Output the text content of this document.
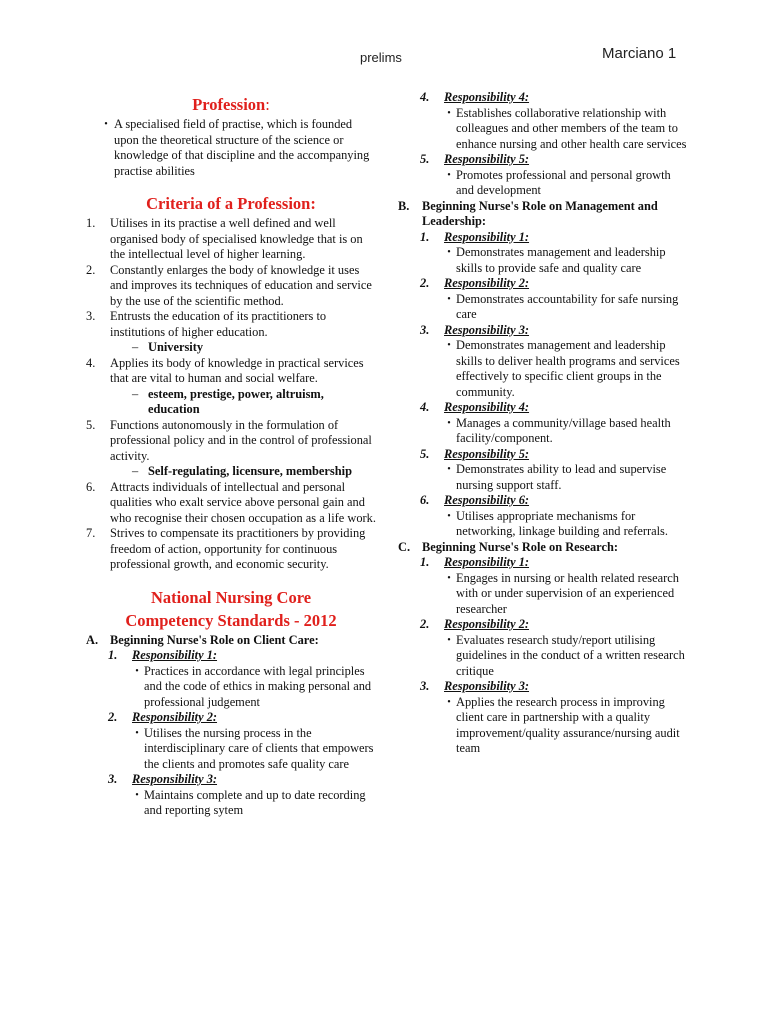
prelims	Marciano 1
Profession:
• A specialised field of practise, which is founded upon the theoretical structure of the science or knowledge of that discipline and the accompanying practise abilities
Criteria of a Profession:
1.	Utilises in its practise a well defined and well organised body of specialised knowledge that is on the intellectual level of higher learning.
2.	Constantly enlarges the body of knowledge it uses and improves its techniques of education and service by the use of the scientific method.
3.	Entrusts the education of its practitioners to institutions of higher education.
– University
4.	Applies its body of knowledge in practical services that are vital to human and social welfare.
– esteem, prestige, power, altruism, education
5.	Functions autonomously in the formulation of professional policy and in the control of professional activity.
– Self-regulating, licensure, membership
6.	Attracts individuals of intellectual and personal qualities who exalt service above personal gain and who recognise their chosen occupation as a life work.
7.	Strives to compensate its practitioners by providing freedom of action, opportunity for continuous professional growth, and economic security.
National Nursing Core
Competency Standards - 2012
A. Beginning Nurse's Role on Client Care:
1.	Responsibility 1:
• Practices in accordance with legal principles and the code of ethics in making personal and professional judgement
2.	Responsibility 2:
• Utilises the nursing process in the interdisciplinary care of clients that empowers the clients and promotes safe quality care
3.	Responsibility 3:
• Maintains complete and up to date recording and reporting sytem
4.	Responsibility 4:
• Establishes collaborative relationship with colleagues and other members of the team to enhance nursing and other health care services
5.	Responsibility 5:
• Promotes professional and personal growth and development
B.	Beginning Nurse's Role on Management and Leadership:
1.	Responsibility 1:
• Demonstrates management and leadership skills to provide safe and quality care
2.	Responsibility 2:
• Demonstrates accountability for safe nursing care
3.	Responsibility 3:
• Demonstrates management and leadership skills to deliver health programs and services effectively to specific client groups in the community.
4.	Responsibility 4:
• Manages a community/village based health facility/component.
5.	Responsibility 5:
• Demonstrates ability to lead and supervise nursing support staff.
6.	Responsibility 6:
• Utilises appropriate mechanisms for networking, linkage building and referrals.
C. Beginning Nurse's Role on Research:
1.	Responsibility 1:
• Engages in nursing or health related research with or under supervision of an experienced researcher
2.	Responsibility 2:
• Evaluates research study/report utilising guidelines in the conduct of a written research critique
3.	Responsibility 3:
• Applies the research process in improving client care in partnership with a quality improvement/quality assurance/nursing audit team
